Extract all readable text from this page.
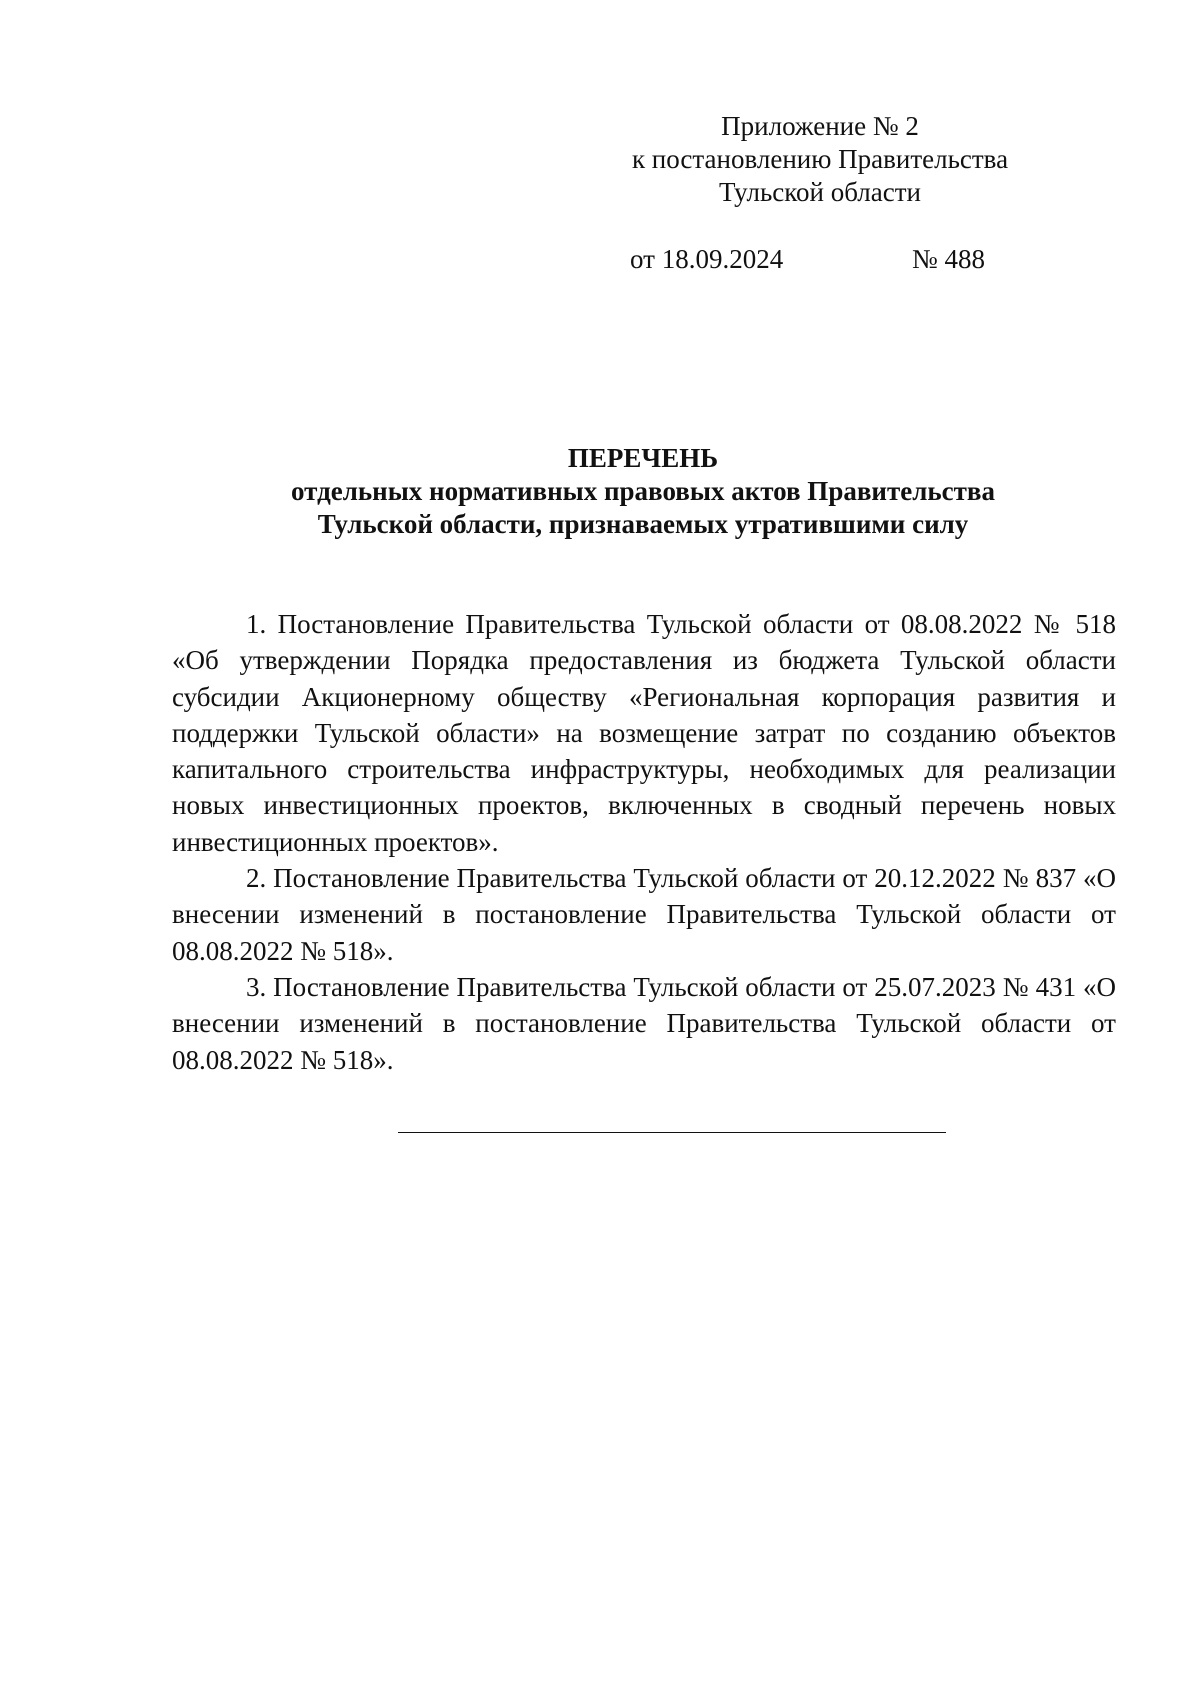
Приложение № 2
к постановлению Правительства
Тульской области
от 18.09.2024	№ 488
ПЕРЕЧЕНЬ
отдельных нормативных правовых актов Правительства
Тульской области, признаваемых утратившими силу

1. Постановление Правительства Тульской области от 08.08.2022 № 518 «Об утверждении Порядка предоставления из бюджета Тульской области субсидии Акционерному обществу «Региональная корпорация развития и поддержки Тульской области» на возмещение затрат по созданию объектов капитального строительства инфраструктуры, необходимых для реализации новых инвестиционных проектов, включенных в сводный перечень новых инвестиционных проектов».

2. Постановление Правительства Тульской области от 20.12.2022 № 837 «О внесении изменений в постановление Правительства Тульской области от 08.08.2022 № 518».

3. Постановление Правительства Тульской области от 25.07.2023 № 431 «О внесении изменений в постановление Правительства Тульской области от 08.08.2022 № 518».
